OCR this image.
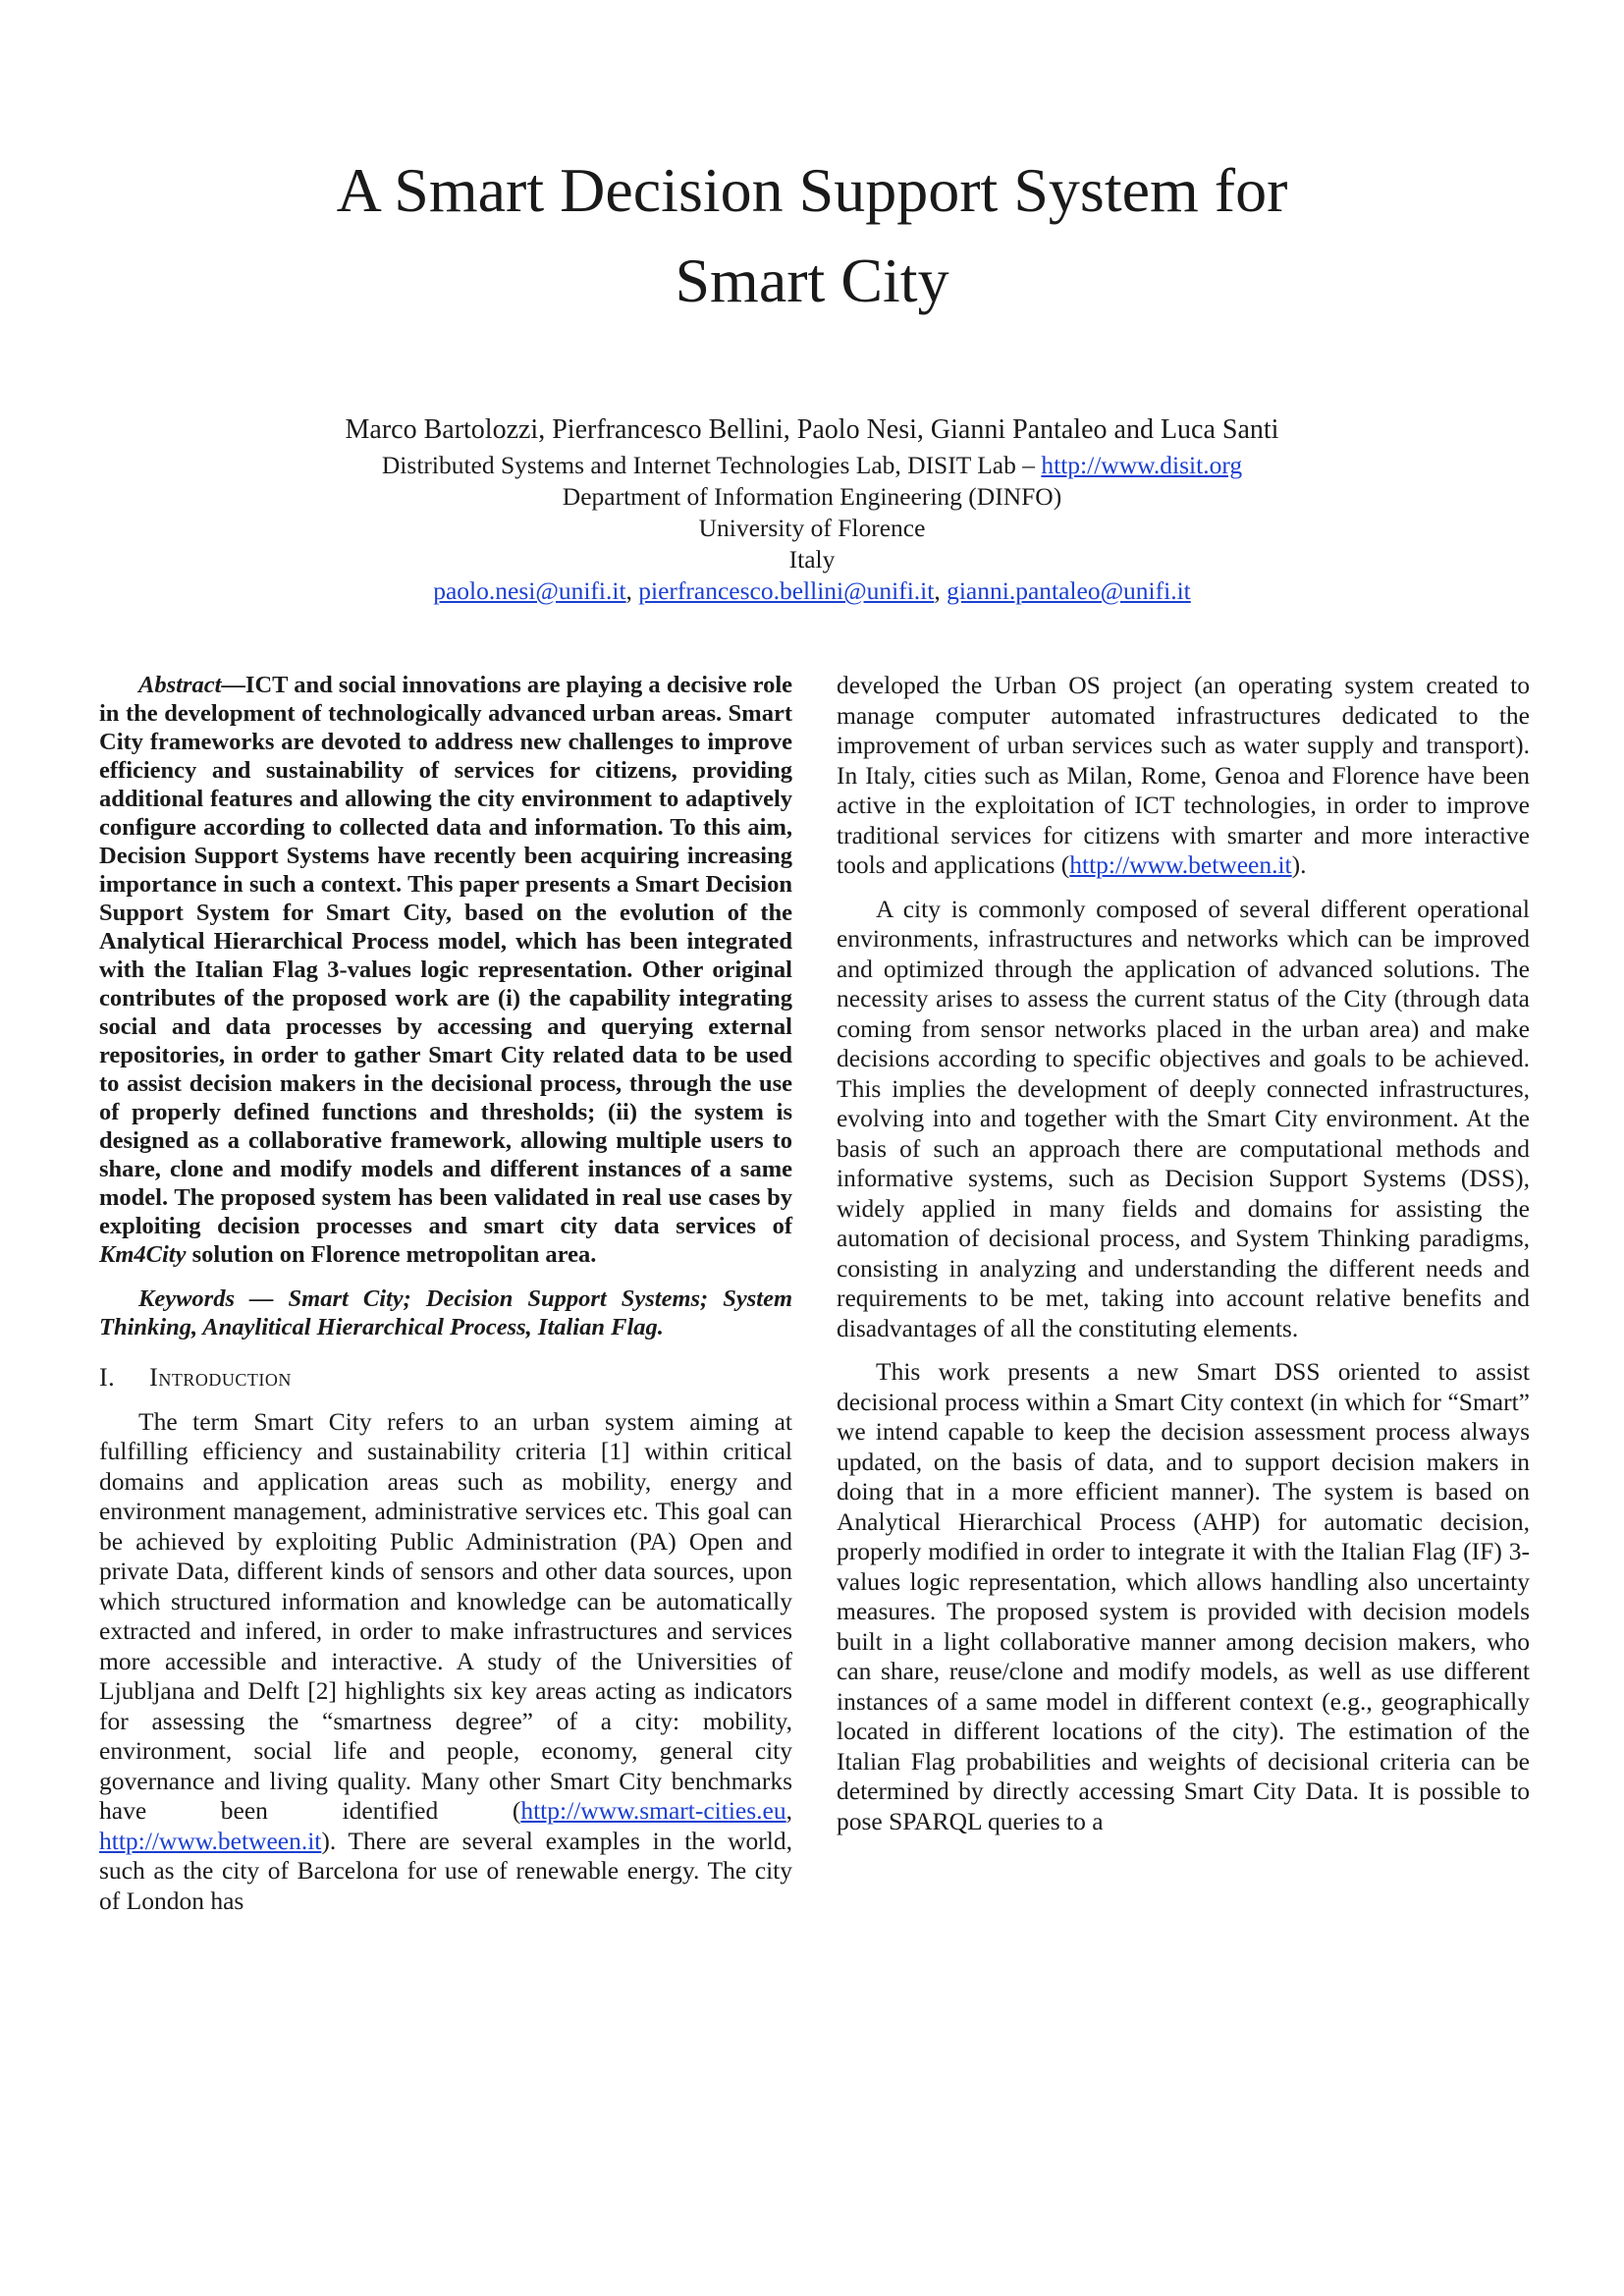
A Smart Decision Support System for
Smart City
Marco Bartolozzi, Pierfrancesco Bellini, Paolo Nesi, Gianni Pantaleo and Luca Santi
Distributed Systems and Internet Technologies Lab, DISIT Lab – http://www.disit.org
Department of Information Engineering (DINFO)
University of Florence
Italy
paolo.nesi@unifi.it, pierfrancesco.bellini@unifi.it, gianni.pantaleo@unifi.it

Abstract—ICT and social innovations are playing a decisive role in the development of technologically advanced urban areas. Smart City frameworks are devoted to address new challenges to improve efficiency and sustainability of services for citizens, providing additional features and allowing the city environment to adaptively configure according to collected data and information. To this aim, Decision Support Systems have recently been acquiring increasing importance in such a context. This paper presents a Smart Decision Support System for Smart City, based on the evolution of the Analytical Hierarchical Process model, which has been integrated with the Italian Flag 3-values logic representation. Other original contributes of the proposed work are (i) the capability integrating social and data processes by accessing and querying external repositories, in order to gather Smart City related data to be used to assist decision makers in the decisional process, through the use of properly defined functions and thresholds; (ii) the system is designed as a collaborative framework, allowing multiple users to share, clone and modify models and different instances of a same model. The proposed system has been validated in real use cases by exploiting decision processes and smart city data services of Km4City solution on Florence metropolitan area.

Keywords — Smart City; Decision Support Systems; System Thinking, Anaylitical Hierarchical Process, Italian Flag.

I. Introduction

The term Smart City refers to an urban system aiming at fulfilling efficiency and sustainability criteria [1] within critical domains and application areas such as mobility, energy and environment management, administrative services etc. This goal can be achieved by exploiting Public Administration (PA) Open and private Data, different kinds of sensors and other data sources, upon which structured information and knowledge can be automatically extracted and infered, in order to make infrastructures and services more accessible and interactive. A study of the Universities of Ljubljana and Delft [2] highlights six key areas acting as indicators for assessing the “smartness degree” of a city: mobility, environment, social life and people, economy, general city governance and living quality. Many other Smart City benchmarks have been identified (http://www.smart-cities.eu, http://www.between.it). There are several examples in the world, such as the city of Barcelona for use of renewable energy. The city of London has

developed the Urban OS project (an operating system created to manage computer automated infrastructures dedicated to the improvement of urban services such as water supply and transport). In Italy, cities such as Milan, Rome, Genoa and Florence have been active in the exploitation of ICT technologies, in order to improve traditional services for citizens with smarter and more interactive tools and applications (http://www.between.it).

A city is commonly composed of several different operational environments, infrastructures and networks which can be improved and optimized through the application of advanced solutions. The necessity arises to assess the current status of the City (through data coming from sensor networks placed in the urban area) and make decisions according to specific objectives and goals to be achieved. This implies the development of deeply connected infrastructures, evolving into and together with the Smart City environment. At the basis of such an approach there are computational methods and informative systems, such as Decision Support Systems (DSS), widely applied in many fields and domains for assisting the automation of decisional process, and System Thinking paradigms, consisting in analyzing and understanding the different needs and requirements to be met, taking into account relative benefits and disadvantages of all the constituting elements.

This work presents a new Smart DSS oriented to assist decisional process within a Smart City context (in which for “Smart” we intend capable to keep the decision assessment process always updated, on the basis of data, and to support decision makers in doing that in a more efficient manner). The system is based on Analytical Hierarchical Process (AHP) for automatic decision, properly modified in order to integrate it with the Italian Flag (IF) 3-values logic representation, which allows handling also uncertainty measures. The proposed system is provided with decision models built in a light collaborative manner among decision makers, who can share, reuse/clone and modify models, as well as use different instances of a same model in different context (e.g., geographically located in different locations of the city). The estimation of the Italian Flag probabilities and weights of decisional criteria can be determined by directly accessing Smart City Data. It is possible to pose SPARQL queries to a
